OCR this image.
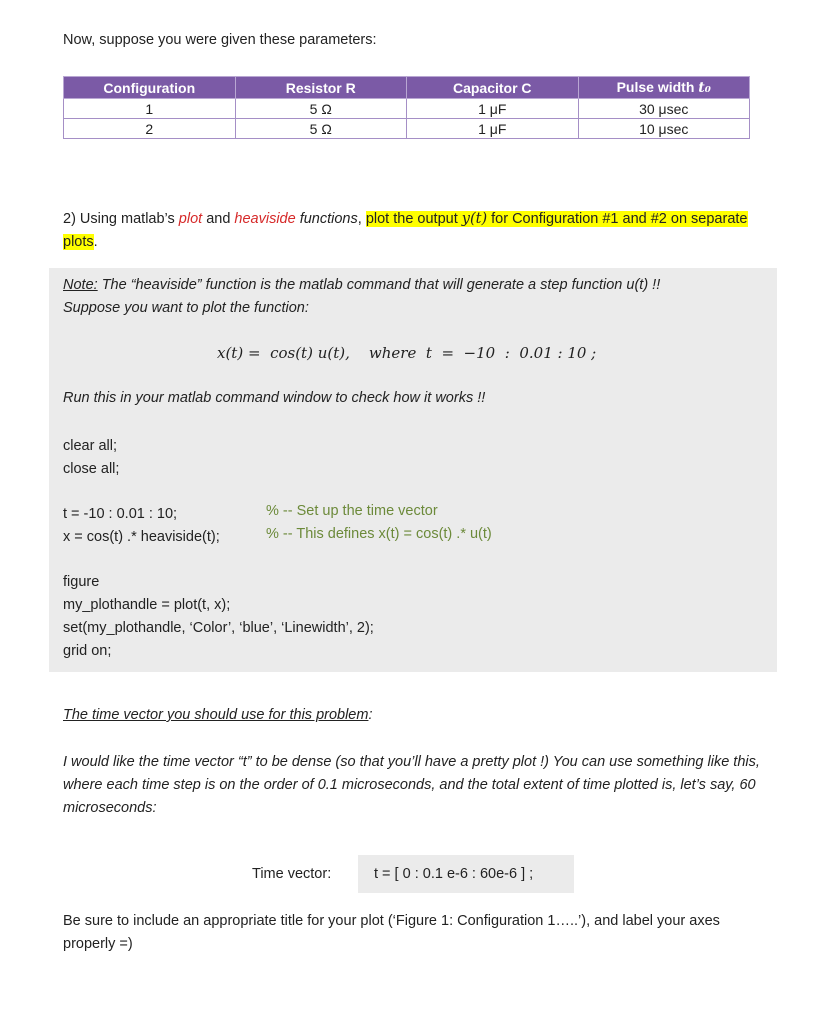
Now, suppose you were given these parameters:
Configuration	Resistor R	Capacitor C	Pulse width t₀
1	5 Ω	1 μF	30 μsec
2	5 Ω	1 μF	10 μsec
2) Using matlab’s plot and heaviside functions, plot the output y(t) for Configuration #1 and #2 on separate plots.
Note: The “heaviside” function is the matlab command that will generate a step function u(t) !!
Suppose you want to plot the function:
x(t) =  cos(t) u(t),    where  t  =  −10  :  0.01 : 10 ;
Run this in your matlab command window to check how it works !!
clear all;
close all;
t = -10 : 0.01 : 10;	% -- Set up the time vector
x = cos(t) .* heaviside(t);	% -- This defines x(t) = cos(t) .* u(t)
figure
my_plothandle = plot(t, x);
set(my_plothandle, ‘Color’, ‘blue’, ‘Linewidth’, 2);
grid on;
The time vector you should use for this problem:
I would like the time vector “t” to be dense (so that you’ll have a pretty plot !) You can use something like this, where each time step is on the order of 0.1 microseconds, and the total extent of time plotted is, let’s say, 60 microseconds:
Time vector:	t = [ 0 : 0.1 e-6 : 60e-6 ] ;
Be sure to include an appropriate title for your plot (‘Figure 1: Configuration 1…..’), and label your axes properly =)
